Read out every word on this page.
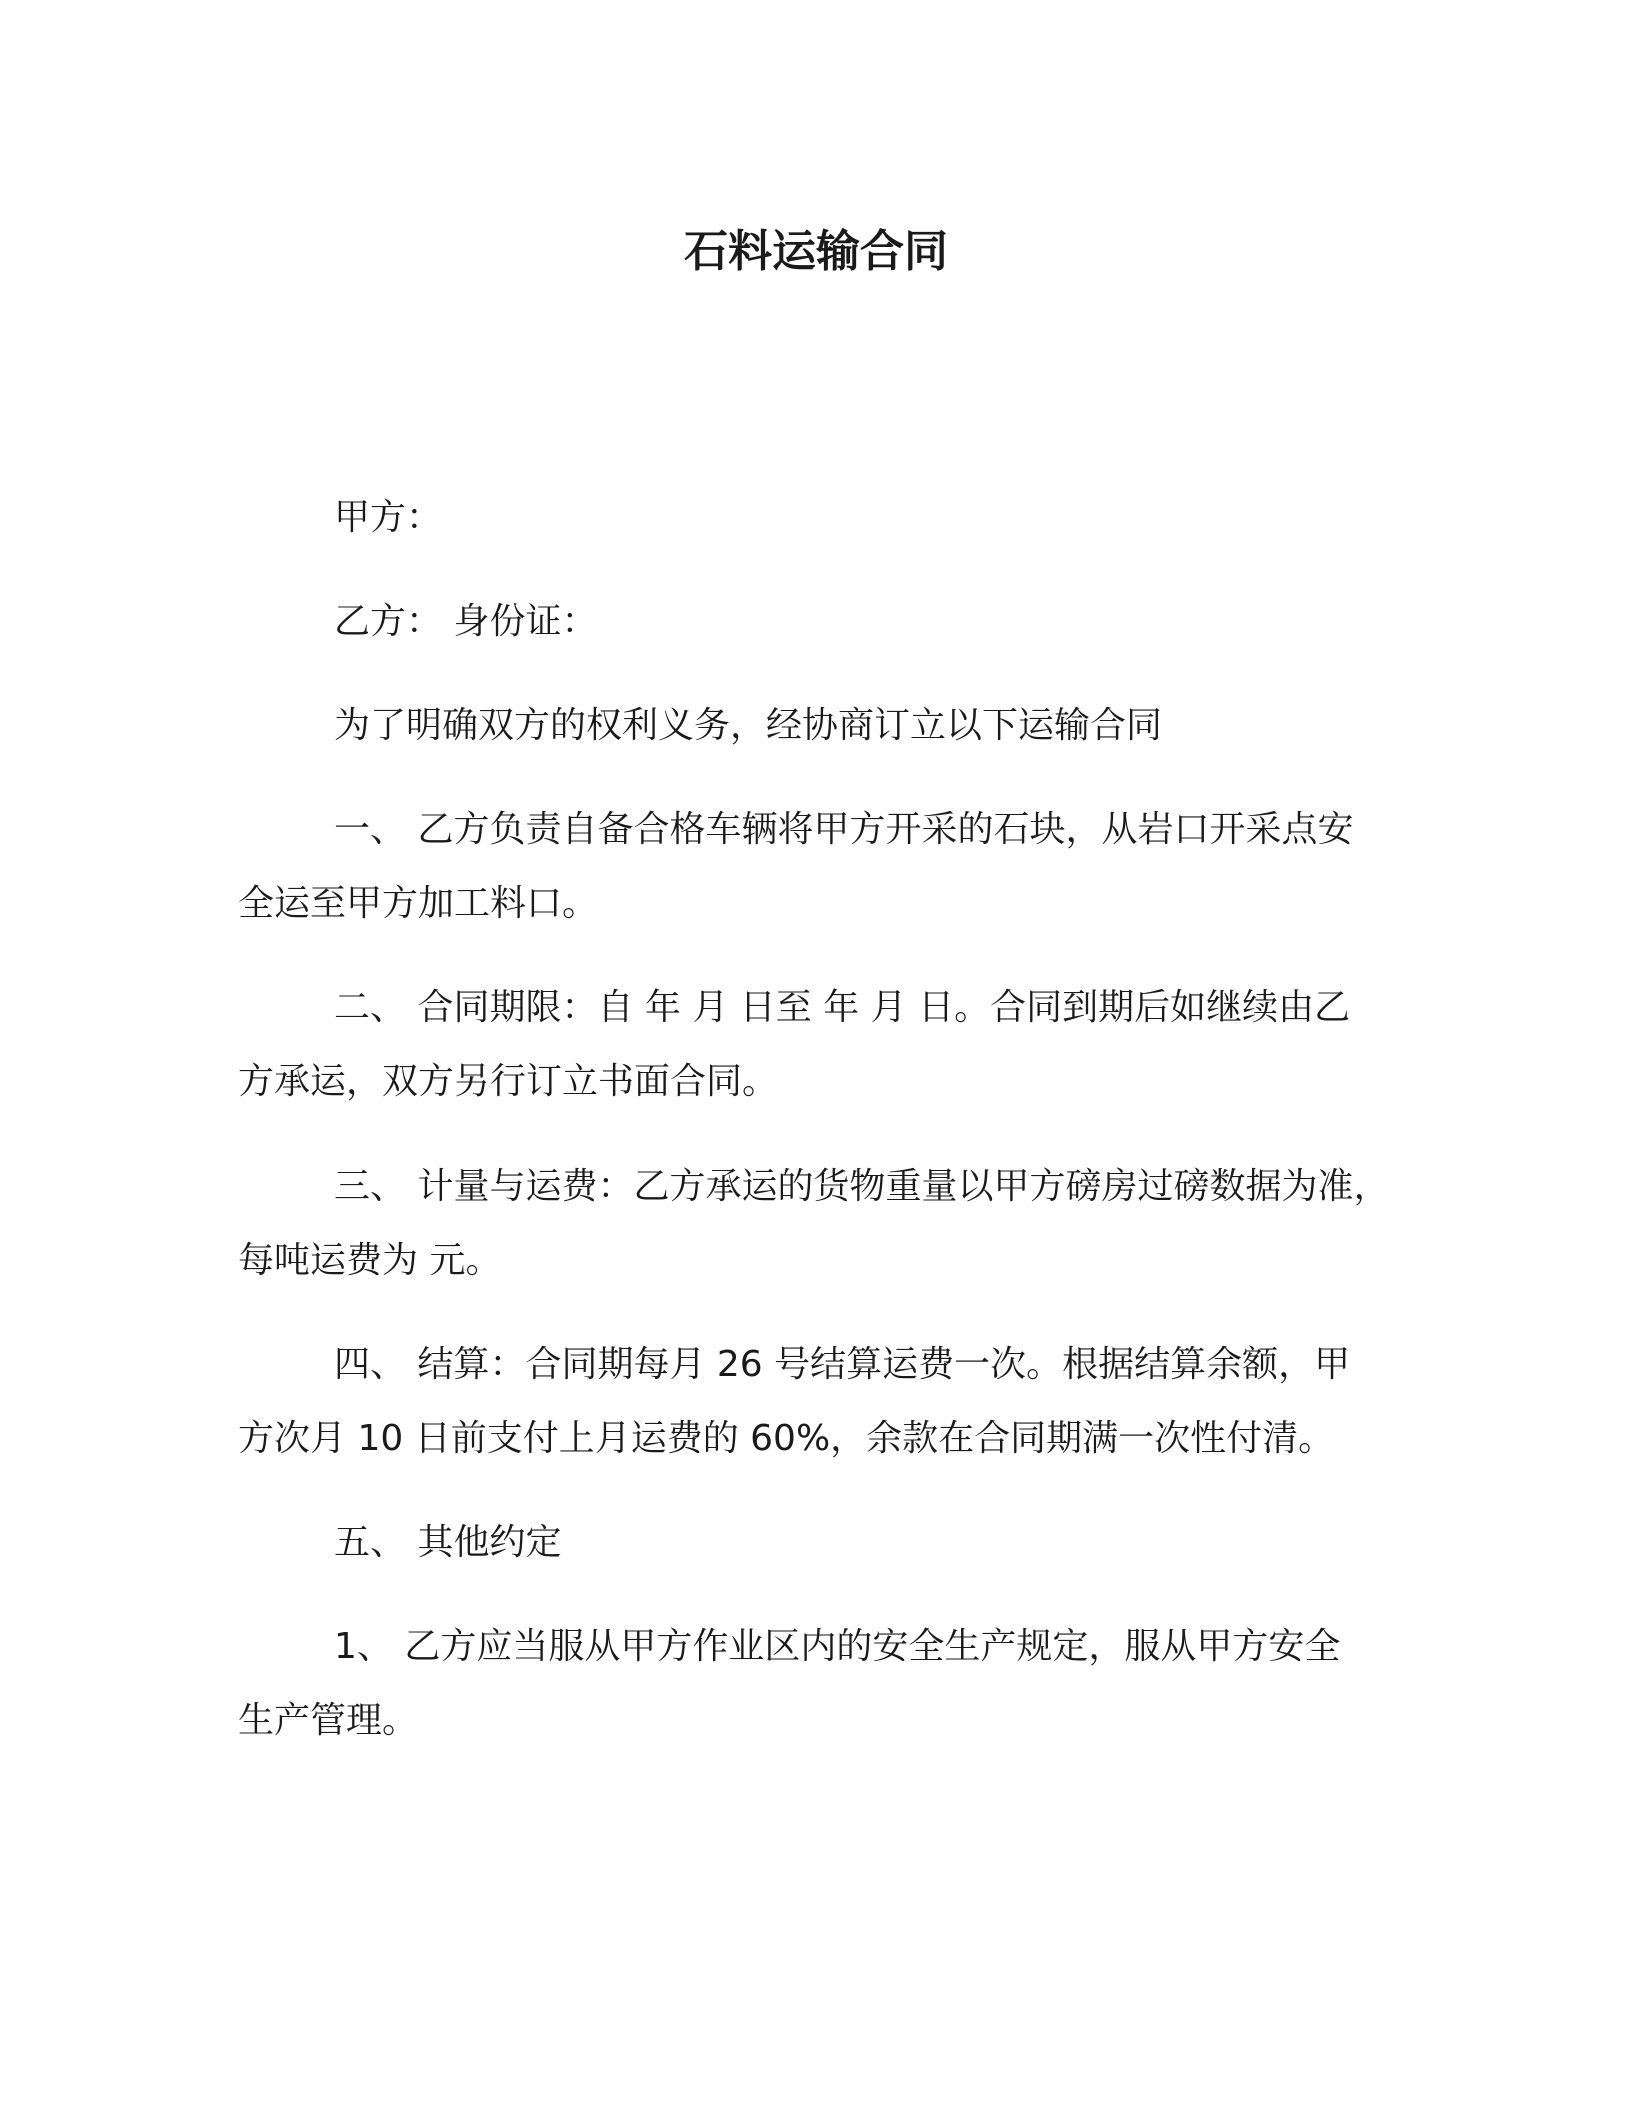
石料运输合同
甲方：
乙方： 身份证：
为了明确双方的权利义务，经协商订立以下运输合同
一、 乙方负责自备合格车辆将甲方开采的石块，从岩口开采点安
全运至甲方加工料口。
二、 合同期限：自 年 月 日至 年 月 日。合同到期后如继续由乙
方承运，双方另行订立书面合同。
三、 计量与运费：乙方承运的货物重量以甲方磅房过磅数据为准，
每吨运费为 元。
四、 结算：合同期每月 26 号结算运费一次。根据结算余额，甲
方次月 10 日前支付上月运费的 60%，余款在合同期满一次性付清。
五、 其他约定
1、 乙方应当服从甲方作业区内的安全生产规定，服从甲方安全
生产管理。
